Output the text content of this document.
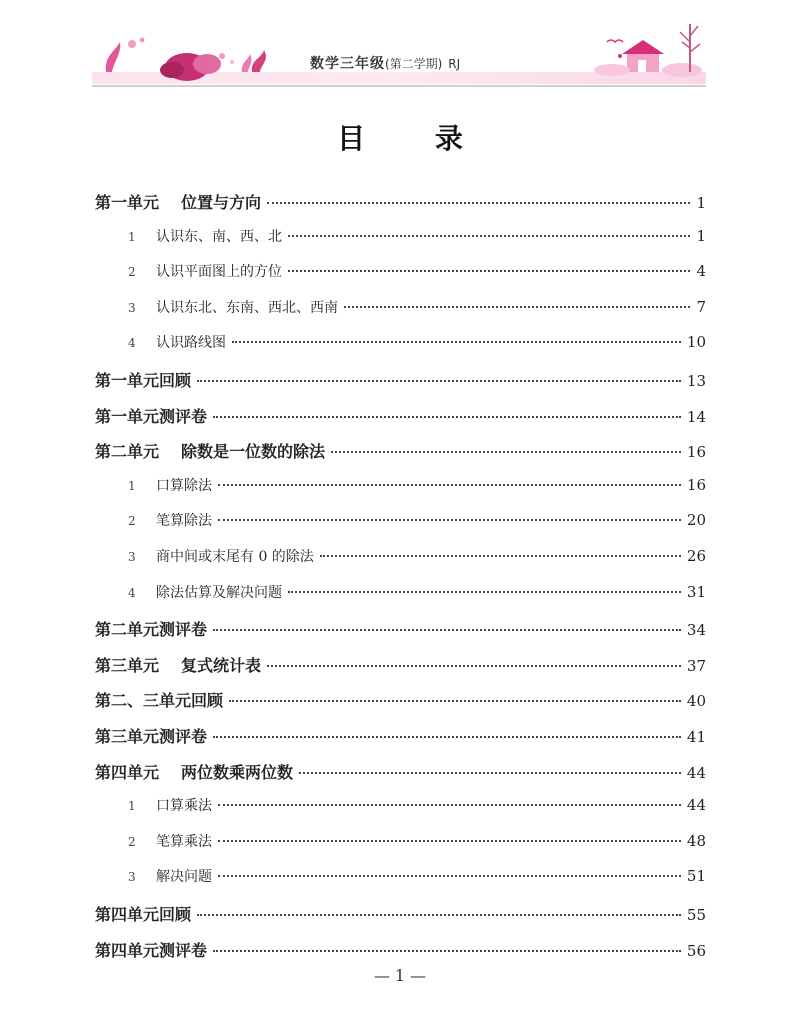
数学三年级(第二学期) RJ
目 录
第一单元 位置与方向	1
1	认识东、南、西、北	1
2	认识平面图上的方位	4
3	认识东北、东南、西北、西南	7
4	认识路线图	10
第一单元回顾	13
第一单元测评卷	14
第二单元 除数是一位数的除法	16
1	口算除法	16
2	笔算除法	20
3	商中间或末尾有 0 的除法	26
4	除法估算及解决问题	31
第二单元测评卷	34
第三单元 复式统计表	37
第二、三单元回顾	40
第三单元测评卷	41
第四单元 两位数乘两位数	44
1	口算乘法	44
2	笔算乘法	48
3	解决问题	51
第四单元回顾	55
第四单元测评卷	56
— 1 —
